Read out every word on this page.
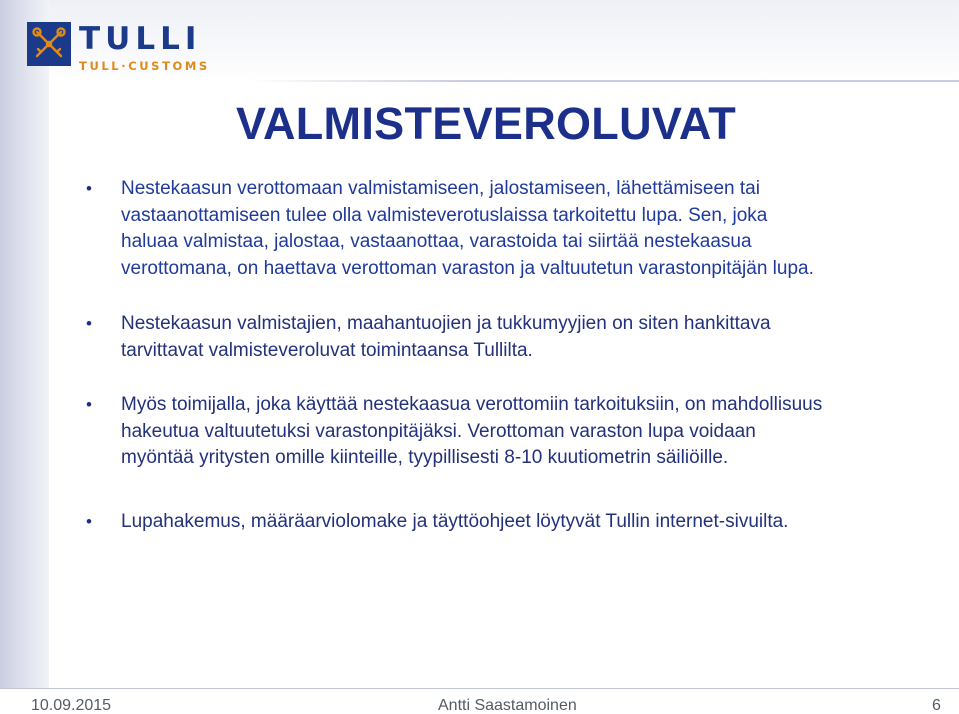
TULLI
TULL·CUSTOMS
VALMISTEVEROLUVAT
• Nestekaasun verottomaan valmistamiseen, jalostamiseen, lähettämiseen tai
vastaanottamiseen tulee olla valmisteverotuslaissa tarkoitettu lupa. Sen, joka
haluaa valmistaa, jalostaa, vastaanottaa, varastoida tai siirtää nestekaasua
verottomana, on haettava verottoman varaston ja valtuutetun varastonpitäjän lupa.
• Nestekaasun valmistajien, maahantuojien ja tukkumyyjien on siten hankittava
tarvittavat valmisteveroluvat toimintaansa Tullilta.
• Myös toimijalla, joka käyttää nestekaasua verottomiin tarkoituksiin, on mahdollisuus
hakeutua valtuutetuksi varastonpitäjäksi. Verottoman varaston lupa voidaan
myöntää yritysten omille kiinteille, tyypillisesti 8-10 kuutiometrin säiliöille.
• Lupahakemus, määräarviolomake ja täyttöohjeet löytyvät Tullin internet-sivuilta.
10.09.2015	Antti Saastamoinen	6
